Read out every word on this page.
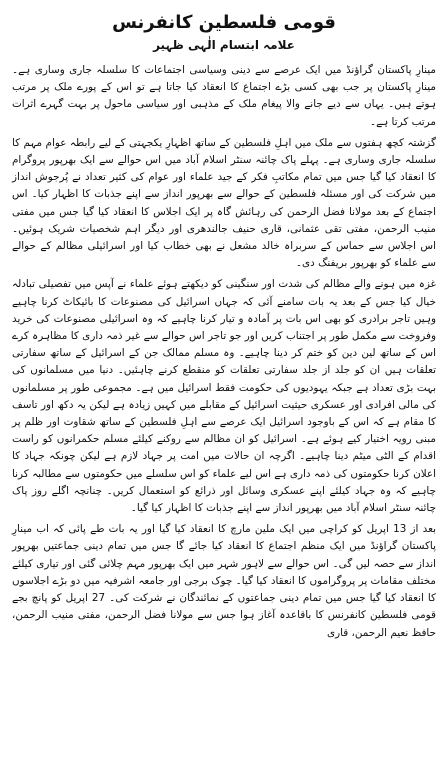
قومی فلسطین کانفرنس
علامہ ابتسام الٰہی ظہیر

مینارِ پاکستان گراؤنڈ میں ایک عرصے سے دینی وسیاسی اجتماعات کا سلسلہ جاری وساری ہے۔ مینارِ پاکستان پر جب بھی کسی بڑے اجتماع کا انعقاد کیا جاتا ہے تو اس کے پورے ملک پر مرتب ہوتے ہیں۔ یہاں سے دیے جانے والا پیغام ملک کے مذہبی اور سیاسی ماحول پر بہت گہرے اثرات مرتب کرتا ہے۔

گزشتہ کچھ ہفتوں سے ملک میں اہلِ فلسطین کے ساتھ اظہارِ یکجہتی کے لیے رابطہ عوام مہم کا سلسلہ جاری وساری ہے۔ پہلے پاک چائنہ سنٹر اسلام آباد میں اس حوالے سے ایک بھرپور پروگرام کا انعقاد کیا گیا جس میں تمام مکاتبِ فکر کے جید علماء اور عوام کی کثیر تعداد نے پُرجوش انداز میں شرکت کی اور مسئلہ فلسطین کے حوالے سے بھرپور انداز سے اپنے جذبات کا اظہار کیا۔ اس اجتماع کے بعد مولانا فضل الرحمن کی رہائش گاہ پر ایک اجلاس کا انعقاد کیا گیا جس میں مفتی منیب الرحمن، مفتی تقی عثمانی، قاری حنیف جالندھری اور دیگر اہم شخصیات شریک ہوئیں۔ اس اجلاس سے حماس کے سربراہ خالد مشعل نے بھی خطاب کیا اور اسرائیلی مظالم کے حوالے سے علماء کو بھرپور بریفنگ دی۔

غزہ میں ہونے والے مظالم کی شدت اور سنگینی کو دیکھتے ہوئے علماء نے آپس میں تفصیلی تبادلہ خیال کیا جس کے بعد یہ بات سامنے آئی کہ جہاں اسرائیل کی مصنوعات کا بائیکاٹ کرنا چاہیے وہیں تاجر برادری کو بھی اس بات پر آمادہ و تیار کرنا چاہیے کہ وہ اسرائیلی مصنوعات کی خرید وفروخت سے مکمل طور پر اجتناب کریں اور جو تاجر اس حوالے سے غیر ذمہ داری کا مظاہرہ کرے اس کے ساتھ لین دین کو ختم کر دینا چاہیے۔ وہ مسلم ممالک جن کے اسرائیل کے ساتھ سفارتی تعلقات ہیں ان کو جلد از جلد سفارتی تعلقات کو منقطع کرنے چاہئیں۔ دنیا میں مسلمانوں کی بہت بڑی تعداد ہے جبکہ یہودیوں کی حکومت فقط اسرائیل میں ہے۔ مجموعی طور پر مسلمانوں کی مالی افرادی اور عسکری حیثیت اسرائیل کے مقابلے میں کہیں زیادہ ہے لیکن یہ دکھ اور تاسف کا مقام ہے کہ اس کے باوجود اسرائیل ایک عرصے سے اہلِ فلسطین کے ساتھ شقاوت اور ظلم پر مبنی رویہ اختیار کیے ہوئے ہے۔ اسرائیل کو ان مظالم سے روکنے کیلئے مسلم حکمرانوں کو راست اقدام کے الٹی میٹم دینا چاہیے۔ اگرچہ ان حالات میں امت پر جہاد لازم ہے لیکن چونکہ جہاد کا اعلان کرنا حکومتوں کی ذمہ داری ہے اس لیے علماء کو اس سلسلے میں حکومتوں سے مطالبہ کرنا چاہیے کہ وہ جہاد کیلئے اپنے عسکری وسائل اور ذرائع کو استعمال کریں۔ چنانچہ اگلے روز پاک چائنہ سنٹر اسلام آباد میں بھرپور انداز سے اپنے جذبات کا اظہار کیا گیا۔

بعد از 13 اپریل کو کراچی میں ایک ملین مارچ کا انعقاد کیا گیا اور یہ بات طے پائی کہ اب مینارِ پاکستان گراؤنڈ میں ایک منظم اجتماع کا انعقاد کیا جائے گا جس میں تمام دینی جماعتیں بھرپور انداز سے حصہ لیں گی۔ اس حوالے سے لاہور شہر میں ایک بھرپور مہم چلائی گئی اور تیاری کیلئے مختلف مقامات پر پروگراموں کا انعقاد کیا گیا۔ چوک برجی اور جامعہ اشرفیہ میں دو بڑے اجلاسوں کا انعقاد کیا گیا جس میں تمام دینی جماعتوں کے نمائندگان نے شرکت کی۔ 27 اپریل کو پانچ بجے قومی فلسطین کانفرنس کا باقاعدہ آغاز ہوا جس سے مولانا فضل الرحمن، مفتی منیب الرحمن، حافظ نعیم الرحمن، قاری
